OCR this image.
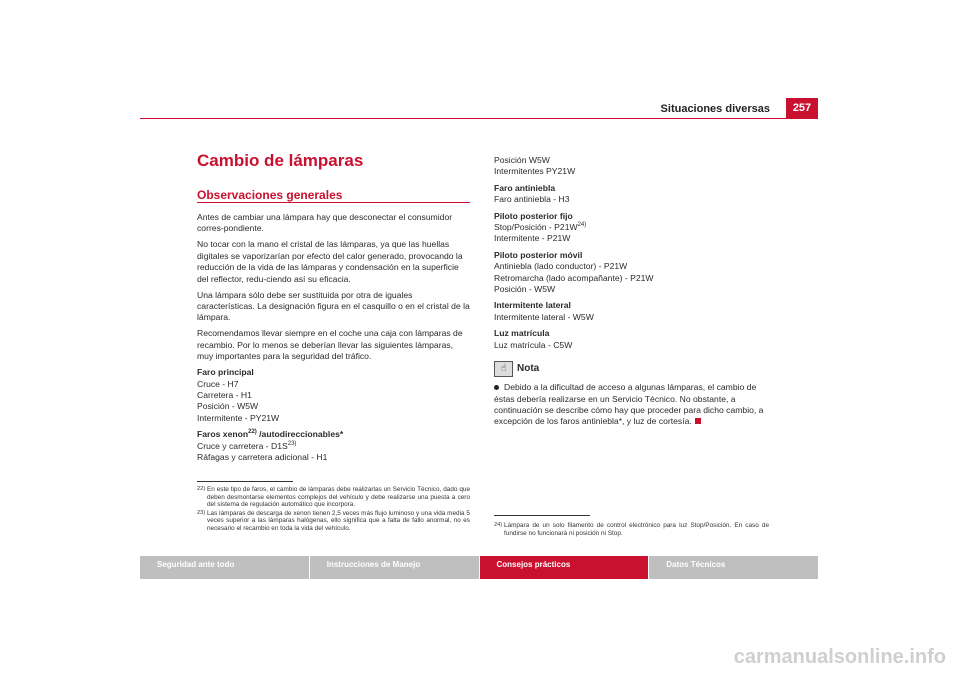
Situaciones diversas	257
Cambio de lámparas
Observaciones generales

Antes de cambiar una lámpara hay que desconectar el consumidor corres-pondiente.

No tocar con la mano el cristal de las lámparas, ya que las huellas digitales se vaporizarían por efecto del calor generado, provocando la reducción de la vida de las lámparas y condensación en la superficie del reflector, redu-ciendo así su eficacia.

Una lámpara sólo debe ser sustituida por otra de iguales características. La designación figura en el casquillo o en el cristal de la lámpara.

Recomendamos llevar siempre en el coche una caja con lámparas de recambio. Por lo menos se deberían llevar las siguientes lámparas, muy importantes para la seguridad del tráfico.

Faro principal
Cruce - H7
Carretera - H1
Posición - W5W
Intermitente - PY21W
Faros xenon$^{22)}$ /autodireccionables*
Cruce y carretera - $D1S^{23)}$
Ráfagas y carretera adicional - H1
22) En este tipo de faros, el cambio de lámparas debe realizarlas un Servicio Técnico, dado que deben desmontarse elementos complejos del vehículo y debe realizarse una puesta a cero del sistema de regulación automático que incorpora.
23) Las lámparas de descarga de xenon tienen 2,5 veces más flujo luminoso y una vida media 5 veces superior a las lámparas halógenas, ello significa que a falta de fallo anormal, no es necesario el recambio en toda la vida del vehículo.
Posición W5W
Intermitentes PY21W
Faro antiniebla
Faro antiniebla - H3
Piloto posterior fijo
Stop/Posición - $P21W^{24)}$
Intermitente - P21W
Piloto posterior móvil
Antiniebla (lado conductor) - P21W
Retromarcha (lado acompañante) - P21W
Posición - W5W
Intermitente lateral
Intermitente lateral - W5W
Luz matrícula
Luz matrícula - C5W
☝ Nota
Debido a la dificultad de acceso a algunas lámparas, el cambio de éstas debería realizarse en un Servicio Técnico. No obstante, a continuación se describe cómo hay que proceder para dicho cambio, a excepción de los faros antiniebla*, y luz de cortesía.
24) Lámpara de un solo filamento de control electrónico para luz Stop/Posición. En caso de fundirse no funcionará ni posición ni Stop.
Seguridad ante todo	Instrucciones de Manejo	Consejos prácticos	Datos Técnicos
carmanualsonline.info
